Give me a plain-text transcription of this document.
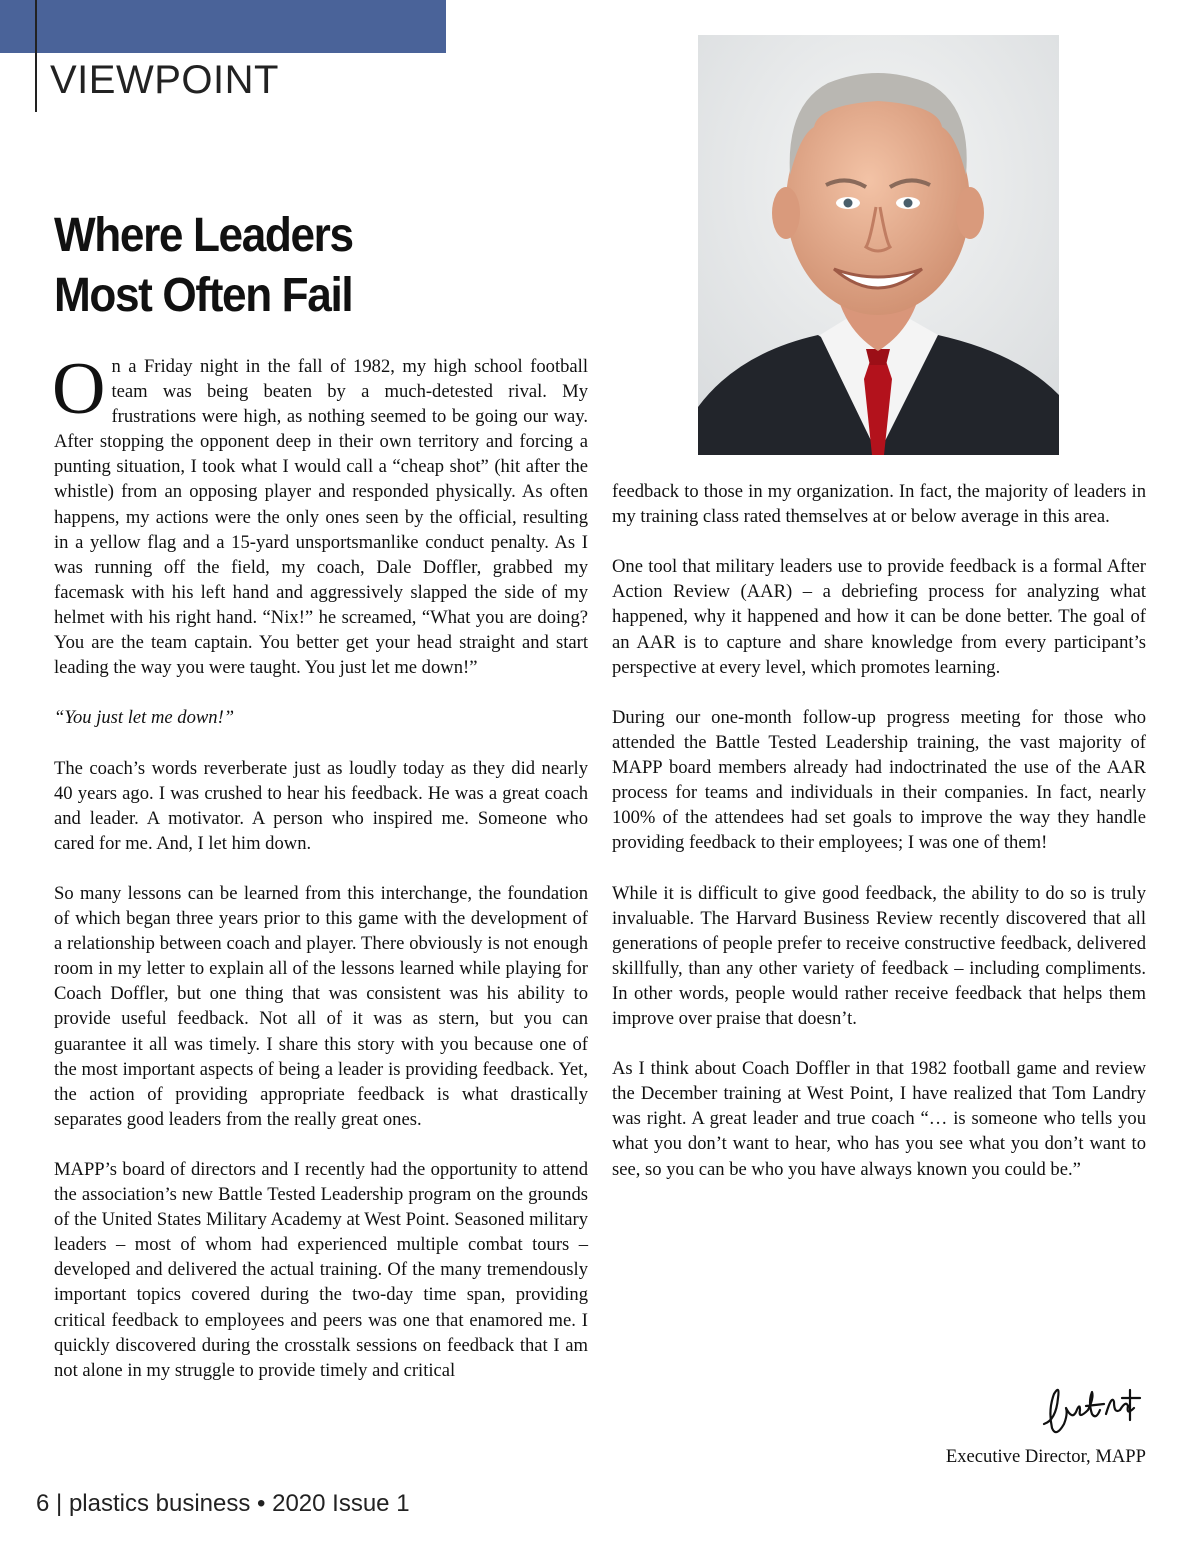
VIEWPOINT
Where Leaders
Most Often Fail

On a Friday night in the fall of 1982, my high school football team was being beaten by a much-detested rival. My frustrations were high, as nothing seemed to be going our way. After stopping the opponent deep in their own territory and forcing a punting situation, I took what I would call a “cheap shot” (hit after the whistle) from an opposing player and responded physically. As often happens, my actions were the only ones seen by the official, resulting in a yellow flag and a 15-yard unsportsmanlike conduct penalty. As I was running off the field, my coach, Dale Doffler, grabbed my facemask with his left hand and aggressively slapped the side of my helmet with his right hand. “Nix!” he screamed, “What you are doing? You are the team captain. You better get your head straight and start leading the way you were taught. You just let me down!”

“You just let me down!”

The coach’s words reverberate just as loudly today as they did nearly 40 years ago. I was crushed to hear his feedback. He was a great coach and leader. A motivator. A person who inspired me. Someone who cared for me. And, I let him down.

So many lessons can be learned from this interchange, the foundation of which began three years prior to this game with the development of a relationship between coach and player. There obviously is not enough room in my letter to explain all of the lessons learned while playing for Coach Doffler, but one thing that was consistent was his ability to provide useful feedback. Not all of it was as stern, but you can guarantee it all was timely. I share this story with you because one of the most important aspects of being a leader is providing feedback. Yet, the action of providing appropriate feedback is what drastically separates good leaders from the really great ones.

MAPP’s board of directors and I recently had the opportunity to attend the association’s new Battle Tested Leadership program on the grounds of the United States Military Academy at West Point. Seasoned military leaders – most of whom had experienced multiple combat tours – developed and delivered the actual training. Of the many tremendously important topics covered during the two-day time span, providing critical feedback to employees and peers was one that enamored me. I quickly discovered during the crosstalk sessions on feedback that I am not alone in my struggle to provide timely and critical

feedback to those in my organization. In fact, the majority of leaders in my training class rated themselves at or below average in this area.

One tool that military leaders use to provide feedback is a formal After Action Review (AAR) – a debriefing process for analyzing what happened, why it happened and how it can be done better. The goal of an AAR is to capture and share knowledge from every participant’s perspective at every level, which promotes learning.

During our one-month follow-up progress meeting for those who attended the Battle Tested Leadership training, the vast majority of MAPP board members already had indoctrinated the use of the AAR process for teams and individuals in their companies. In fact, nearly 100% of the attendees had set goals to improve the way they handle providing feedback to their employees; I was one of them!

While it is difficult to give good feedback, the ability to do so is truly invaluable. The Harvard Business Review recently discovered that all generations of people prefer to receive constructive feedback, delivered skillfully, than any other variety of feedback – including compliments. In other words, people would rather receive feedback that helps them improve over praise that doesn’t.

As I think about Coach Doffler in that 1982 football game and review the December training at West Point, I have realized that Tom Landry was right. A great leader and true coach “… is someone who tells you what you don’t want to hear, who has you see what you don’t want to see, so you can be who you have always known you could be.”

Executive Director, MAPP
6 | plastics business • 2020 Issue 1
